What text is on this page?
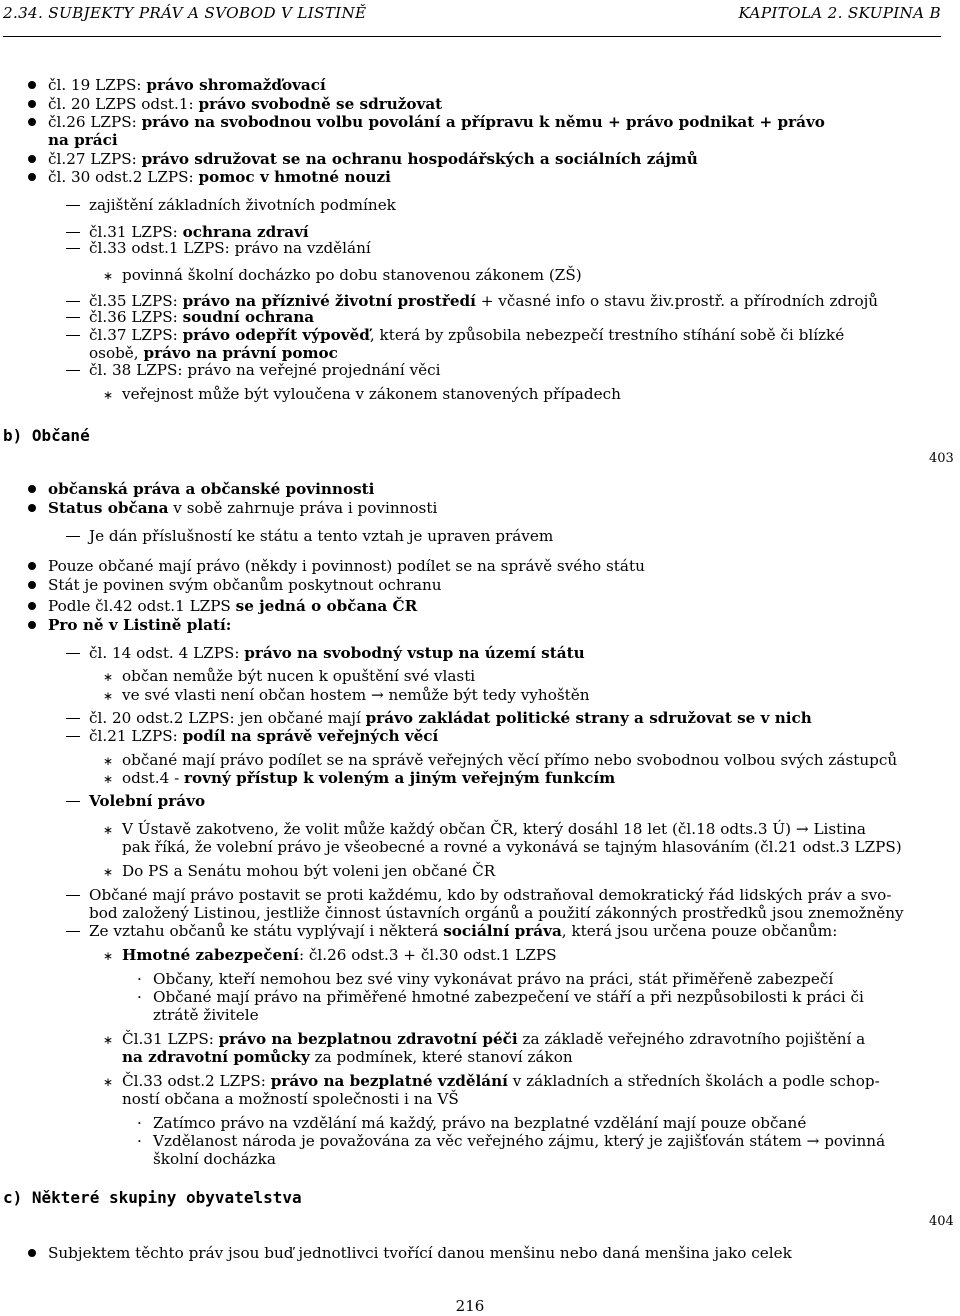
2.34. SUBJEKTY PRÁV A SVOBOD V LISTINĚ	KAPITOLA 2. SKUPINA B
čl. 19 LZPS: právo shromažďovací
čl. 20 LZPS odst.1: právo svobodně se sdružovat
čl.26 LZPS: právo na svobodnou volbu povolání a přípravu k němu + právo podnikat + právo
na práci
čl.27 LZPS: právo sdružovat se na ochranu hospodářských a sociálních zájmů
čl. 30 odst.2 LZPS: pomoc v hmotné nouzi
zajištění základních životních podmínek
čl.31 LZPS: ochrana zdraví
čl.33 odst.1 LZPS: právo na vzdělání
∗ povinná školní docházko po dobu stanovenou zákonem (ZŠ)
čl.35 LZPS: právo na příznivé životní prostředí + včasné info o stavu živ.prostř. a přírodních zdrojů
čl.36 LZPS: soudní ochrana
čl.37 LZPS: právo odepřít výpověď, která by způsobila nebezpečí trestního stíhání sobě či blízké
osobě, právo na právní pomoc
čl. 38 LZPS: právo na veřejné projednání věci
∗ veřejnost může být vyloučena v zákonem stanovených případech
občanská práva a občanské povinnosti
Status občana v sobě zahrnuje práva i povinnosti
Je dán příslušností ke státu a tento vztah je upraven právem
Pouze občané mají právo (někdy i povinnost) podílet se na správě svého státu
Stát je povinen svým občanům poskytnout ochranu
Podle čl.42 odst.1 LZPS se jedná o občana ČR
Pro ně v Listině platí:
čl. 14 odst. 4 LZPS: právo na svobodný vstup na území státu
∗ občan nemůže být nucen k opuštění své vlasti
∗ ve své vlasti není občan hostem → nemůže být tedy vyhoštěn
čl. 20 odst.2 LZPS: jen občané mají právo zakládat politické strany a sdružovat se v nich
čl.21 LZPS: podíl na správě veřejných věcí
∗ občané mají právo podílet se na správě veřejných věcí přímo nebo svobodnou volbou svých zástupců
∗ odst.4 - rovný přístup k voleným a jiným veřejným funkcím
Volební právo
∗ V Ústavě zakotveno, že volit může každý občan ČR, který dosáhl 18 let (čl.18 odts.3 Ú) → Listina
pak říká, že volební právo je všeobecné a rovné a vykonává se tajným hlasováním (čl.21 odst.3 LZPS)
∗ Do PS a Senátu mohou být voleni jen občané ČR
Občané mají právo postavit se proti každému, kdo by odstraňoval demokratický řád lidských práv a svo-
bod založený Listinou, jestliže činnost ústavních orgánů a použití zákonných prostředků jsou znemožněny
Ze vztahu občanů ke státu vyplývají i některá sociální práva, která jsou určena pouze občanům:
∗ Hmotné zabezpečení: čl.26 odst.3 + čl.30 odst.1 LZPS
· Občany, kteří nemohou bez své viny vykonávat právo na práci, stát přiměřeně zabezpečí
· Občané mají právo na přiměřené hmotné zabezpečení ve stáří a při nezpůsobilosti k práci či
ztrátě živitele
∗ Čl.31 LZPS: právo na bezplatnou zdravotní péči za základě veřejného zdravotního pojištění a
na zdravotní pomůcky za podmínek, které stanoví zákon
∗ Čl.33 odst.2 LZPS: právo na bezplatné vzdělání v základních a středních školách a podle schop-
ností občana a možností společnosti i na VŠ
· Zatímco právo na vzdělání má každý, právo na bezplatné vzdělání mají pouze občané
· Vzdělanost národa je považována za věc veřejného zájmu, který je zajišťován státem → povinná
školní docházka
Subjektem těchto práv jsou buď jednotlivci tvořící danou menšinu nebo daná menšina jako celek
b) Občané
c) Některé skupiny obyvatelstva
403
404
216
